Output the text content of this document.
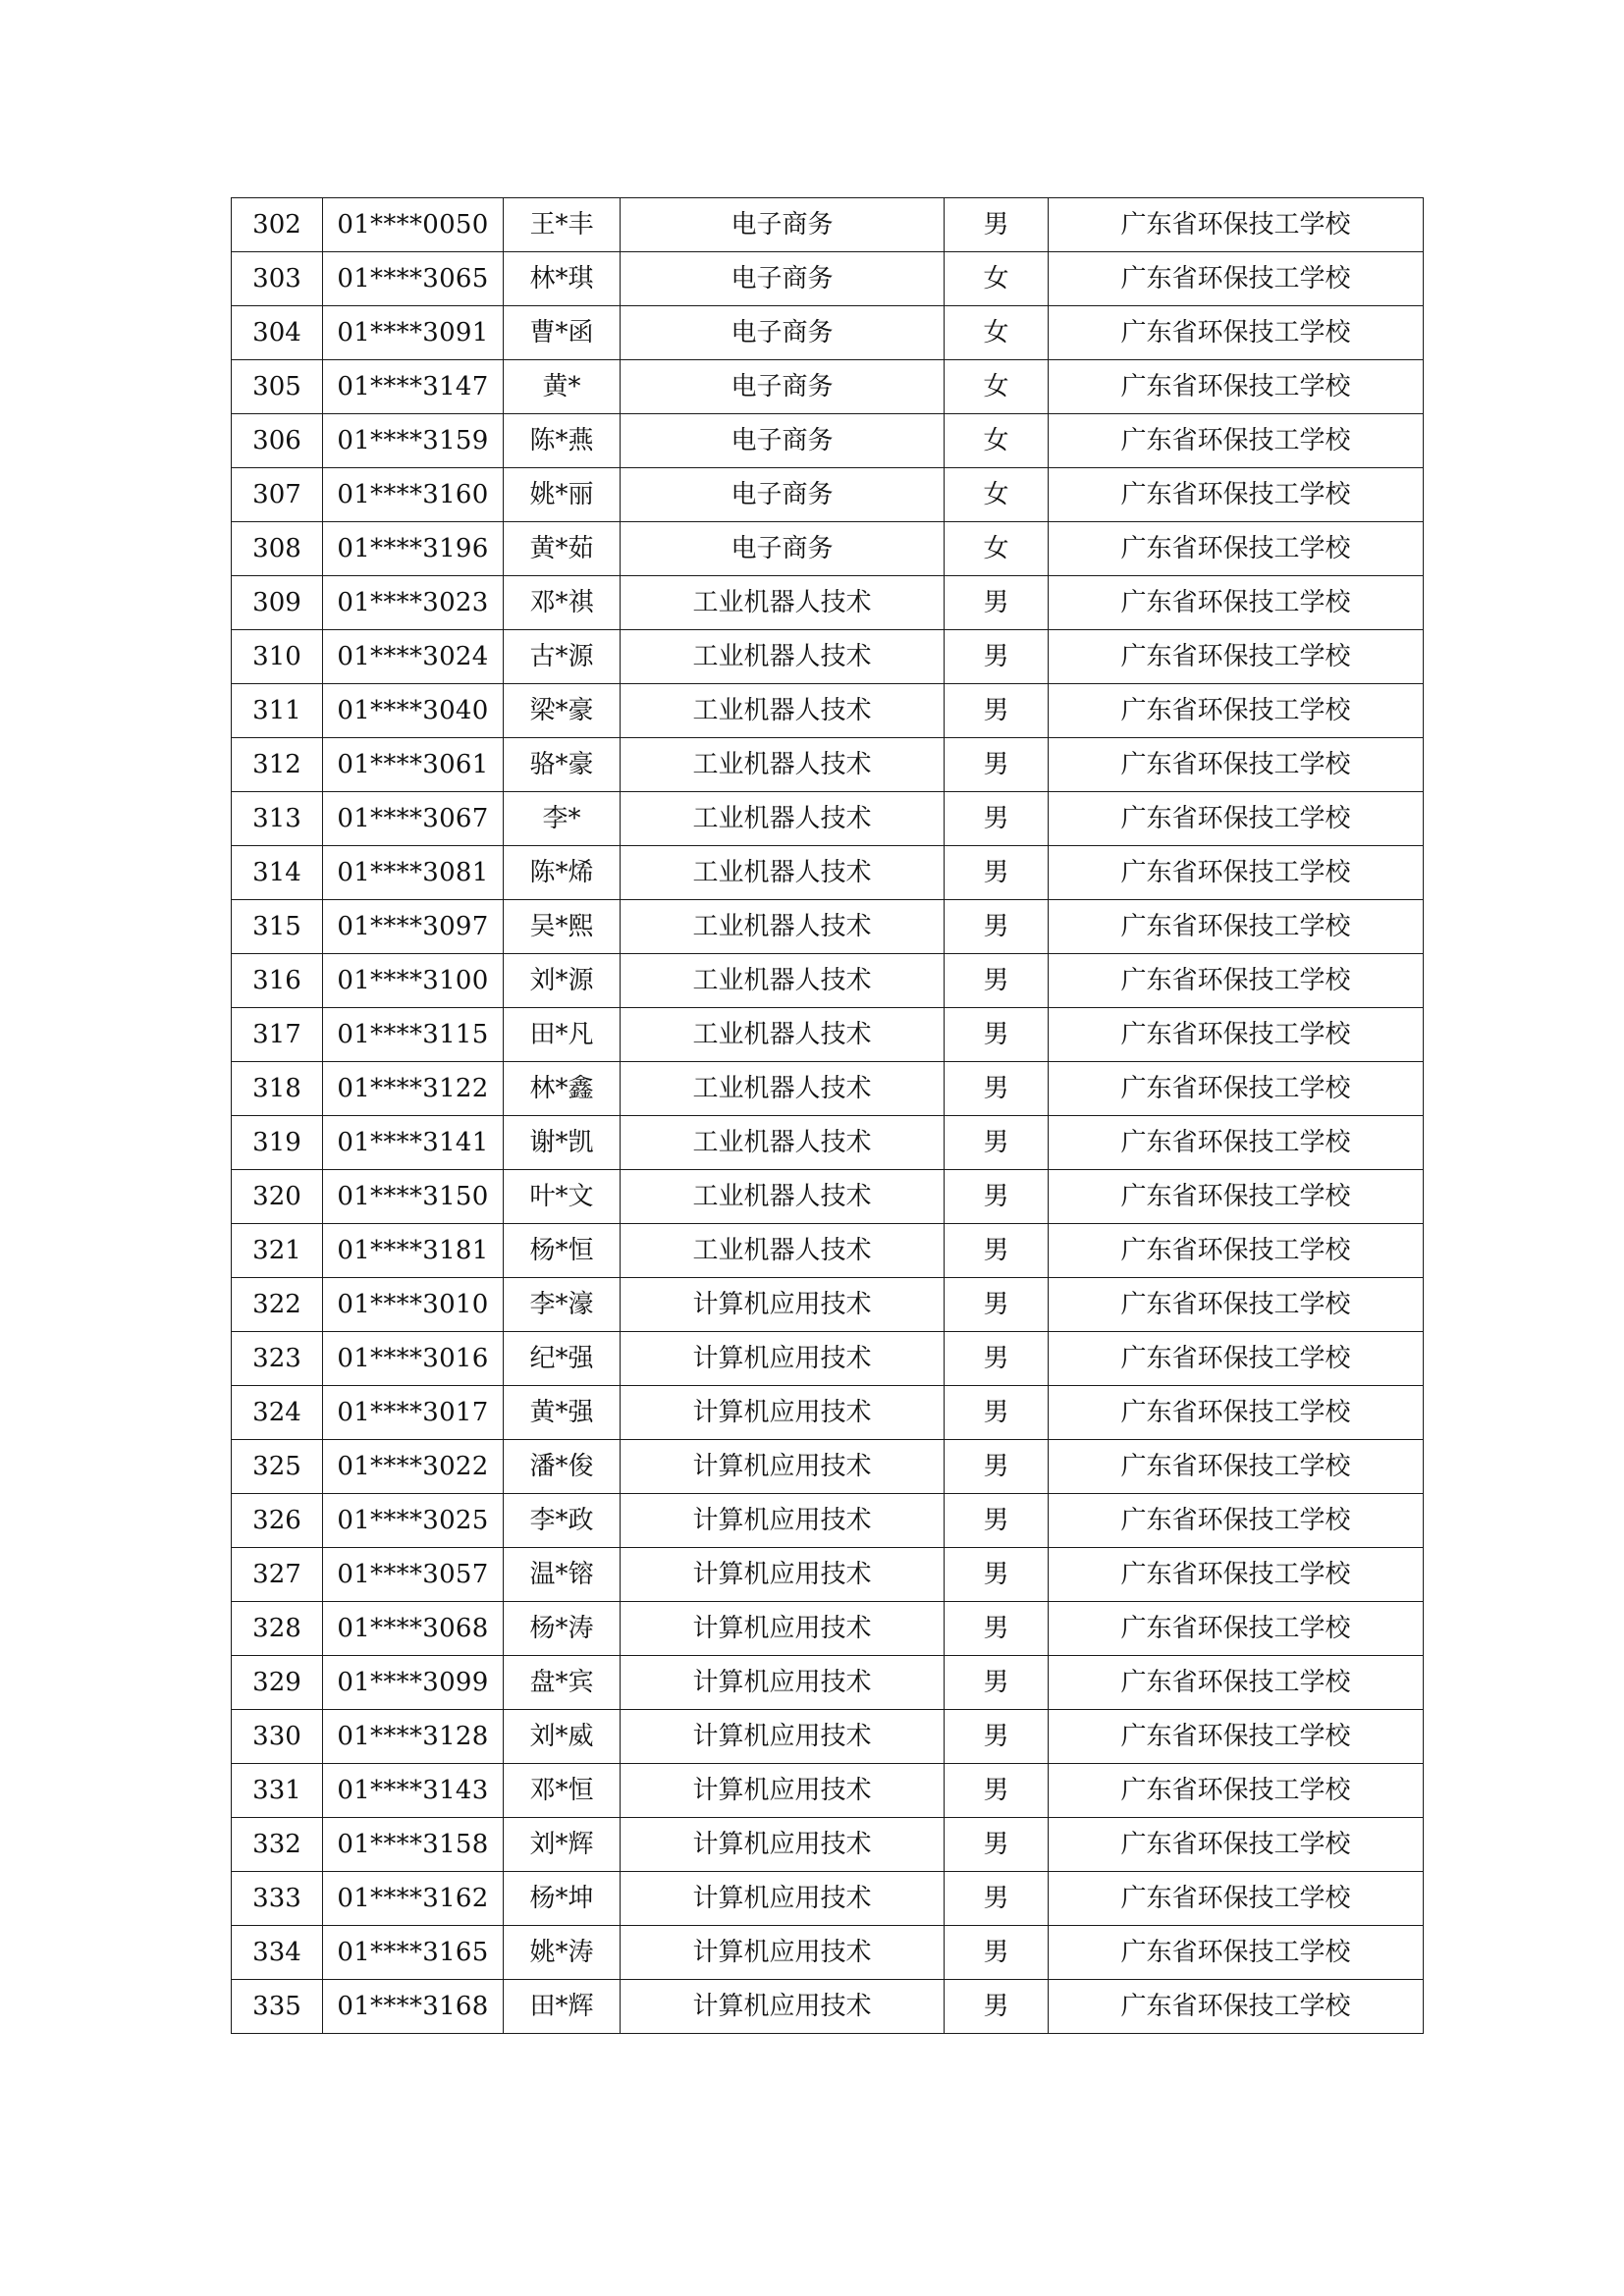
302	01****0050	王*丰	电子商务	男	广东省环保技工学校
303	01****3065	林*琪	电子商务	女	广东省环保技工学校
304	01****3091	曹*函	电子商务	女	广东省环保技工学校
305	01****3147	黄*	电子商务	女	广东省环保技工学校
306	01****3159	陈*燕	电子商务	女	广东省环保技工学校
307	01****3160	姚*丽	电子商务	女	广东省环保技工学校
308	01****3196	黄*茹	电子商务	女	广东省环保技工学校
309	01****3023	邓*祺	工业机器人技术	男	广东省环保技工学校
310	01****3024	古*源	工业机器人技术	男	广东省环保技工学校
311	01****3040	梁*豪	工业机器人技术	男	广东省环保技工学校
312	01****3061	骆*豪	工业机器人技术	男	广东省环保技工学校
313	01****3067	李*	工业机器人技术	男	广东省环保技工学校
314	01****3081	陈*烯	工业机器人技术	男	广东省环保技工学校
315	01****3097	吴*熙	工业机器人技术	男	广东省环保技工学校
316	01****3100	刘*源	工业机器人技术	男	广东省环保技工学校
317	01****3115	田*凡	工业机器人技术	男	广东省环保技工学校
318	01****3122	林*鑫	工业机器人技术	男	广东省环保技工学校
319	01****3141	谢*凯	工业机器人技术	男	广东省环保技工学校
320	01****3150	叶*文	工业机器人技术	男	广东省环保技工学校
321	01****3181	杨*恒	工业机器人技术	男	广东省环保技工学校
322	01****3010	李*濠	计算机应用技术	男	广东省环保技工学校
323	01****3016	纪*强	计算机应用技术	男	广东省环保技工学校
324	01****3017	黄*强	计算机应用技术	男	广东省环保技工学校
325	01****3022	潘*俊	计算机应用技术	男	广东省环保技工学校
326	01****3025	李*政	计算机应用技术	男	广东省环保技工学校
327	01****3057	温*镕	计算机应用技术	男	广东省环保技工学校
328	01****3068	杨*涛	计算机应用技术	男	广东省环保技工学校
329	01****3099	盘*宾	计算机应用技术	男	广东省环保技工学校
330	01****3128	刘*威	计算机应用技术	男	广东省环保技工学校
331	01****3143	邓*恒	计算机应用技术	男	广东省环保技工学校
332	01****3158	刘*辉	计算机应用技术	男	广东省环保技工学校
333	01****3162	杨*坤	计算机应用技术	男	广东省环保技工学校
334	01****3165	姚*涛	计算机应用技术	男	广东省环保技工学校
335	01****3168	田*辉	计算机应用技术	男	广东省环保技工学校
